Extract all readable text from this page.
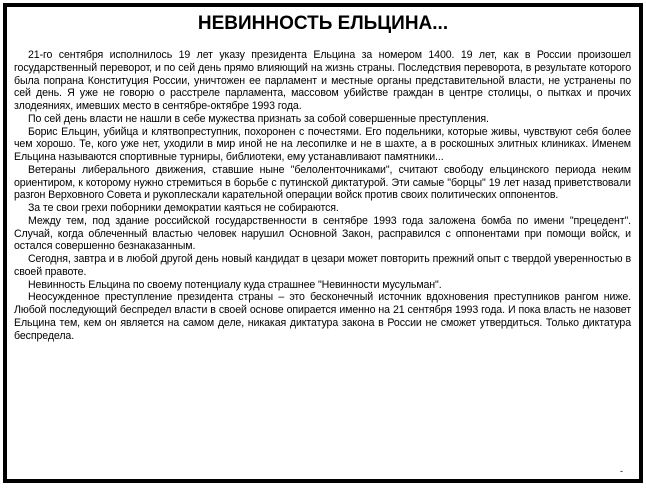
НЕВИННОСТЬ ЕЛЬЦИНА...

21-го сентября исполнилось 19 лет указу президента Ельцина за номером 1400. 19 лет, как в России произошел государственный переворот, и по сей день прямо влияющий на жизнь страны. Последствия переворота, в результате которого была попрана Конституция России, уничтожен ее парламент и местные органы представительной власти, не устранены по сей день. Я уже не говорю о расстреле парламента, массовом убийстве граждан в центре столицы, о пытках и прочих злодеяниях, имевших место в сентябре-октябре 1993 года.

По сей день власти не нашли в себе мужества признать за собой совершенные преступления.

Борис Ельцин, убийца и клятвопреступник, похоронен с почестями. Его подельники, которые живы, чувствуют себя более чем хорошо. Те, кого уже нет, уходили в мир иной не на лесопилке и не в шахте, а в роскошных элитных клиниках. Именем Ельцина называются спортивные турниры, библиотеки, ему устанавливают памятники...

Ветераны либерального движения, ставшие ныне "белоленточниками", считают свободу ельцинского периода неким ориентиром, к которому нужно стремиться в борьбе с путинской диктатурой. Эти самые "борцы" 19 лет назад приветствовали разгон Верховного Совета и рукоплескали карательной операции войск против своих политических оппонентов.

За те свои грехи поборники демократии каяться не собираются.

Между тем, под здание российской государственности в сентябре 1993 года заложена бомба по имени "прецедент". Случай, когда облеченный властью человек нарушил Основной Закон, расправился с оппонентами при помощи войск, и остался совершенно безнаказанным.

Сегодня, завтра и в любой другой день новый кандидат в цезари может повторить прежний опыт с твердой уверенностью в своей правоте.

Невинность Ельцина по своему потенциалу куда страшнее "Невинности мусульман".

Неосужденное преступление президента страны – это бесконечный источник вдохновения преступников рангом ниже. Любой последующий беспредел власти в своей основе опирается именно на 21 сентября 1993 года. И пока власть не назовет Ельцина тем, кем он является на самом деле, никакая диктатура закона в России не сможет утвердиться. Только диктатура беспредела.

-
